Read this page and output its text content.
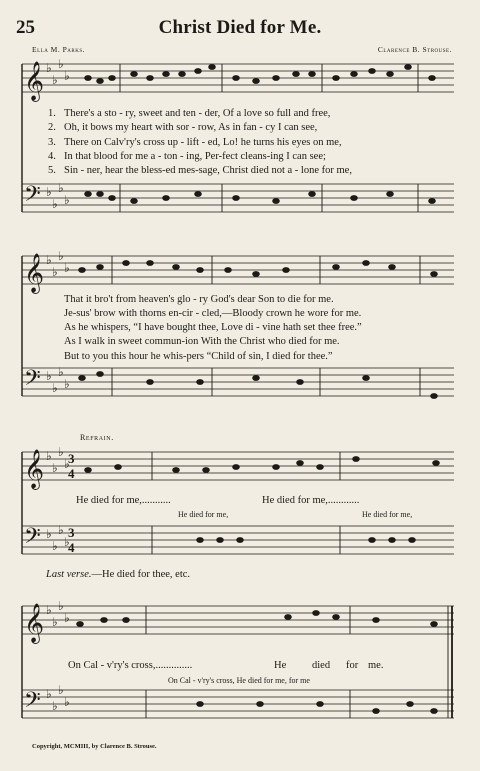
25	Christ Died for Me.
Ella M. Parks.	Clarence B. Strouse.
𝄞
𝄢
𝄞
𝄢
𝄞
𝄢
𝄞
𝄢
♭
♭
♭
♭
♭
♭
♭
♭
♭
♭
♭
♭
♭
♭
♭
♭
♭
♭
♭
♭
♭
♭
♭
♭
♭
♭
♭
♭
♭
♭
♭
♭
3
4
3
4
1. There's a sto - ry, sweet and ten - der, Of a love so full and free,
2. Oh, it bows my heart with sor - row, As in fan - cy I can see,
3. There on Calv'ry's cross up - lift - ed, Lo! he turns his eyes on me,
4. In that blood for me a - ton - ing, Per-fect cleans-ing I can see;
5. Sin - ner, hear the bless-ed mes-sage, Christ died not a - lone for me,
That it bro't from heaven's glo - ry God's dear Son to die for me.
Je-sus' brow with thorns en-cir - cled,—Bloody crown he wore for me.
As he whispers, “I have bought thee, Love di - vine hath set thee free.”
As I walk in sweet commun-ion With the Christ who died for me.
But to you this hour he whis-pers “Child of sin, I died for thee.”
Refrain.
He died for me,...........	He died for me,............
He died for me,	He died for me,
Last verse.—He died for thee, etc.
On Cal - v'ry's cross,..............	He died for me.
On Cal - v'ry's cross, He died for me, for me
Copyright, MCMIII, by Clarence B. Strouse.
